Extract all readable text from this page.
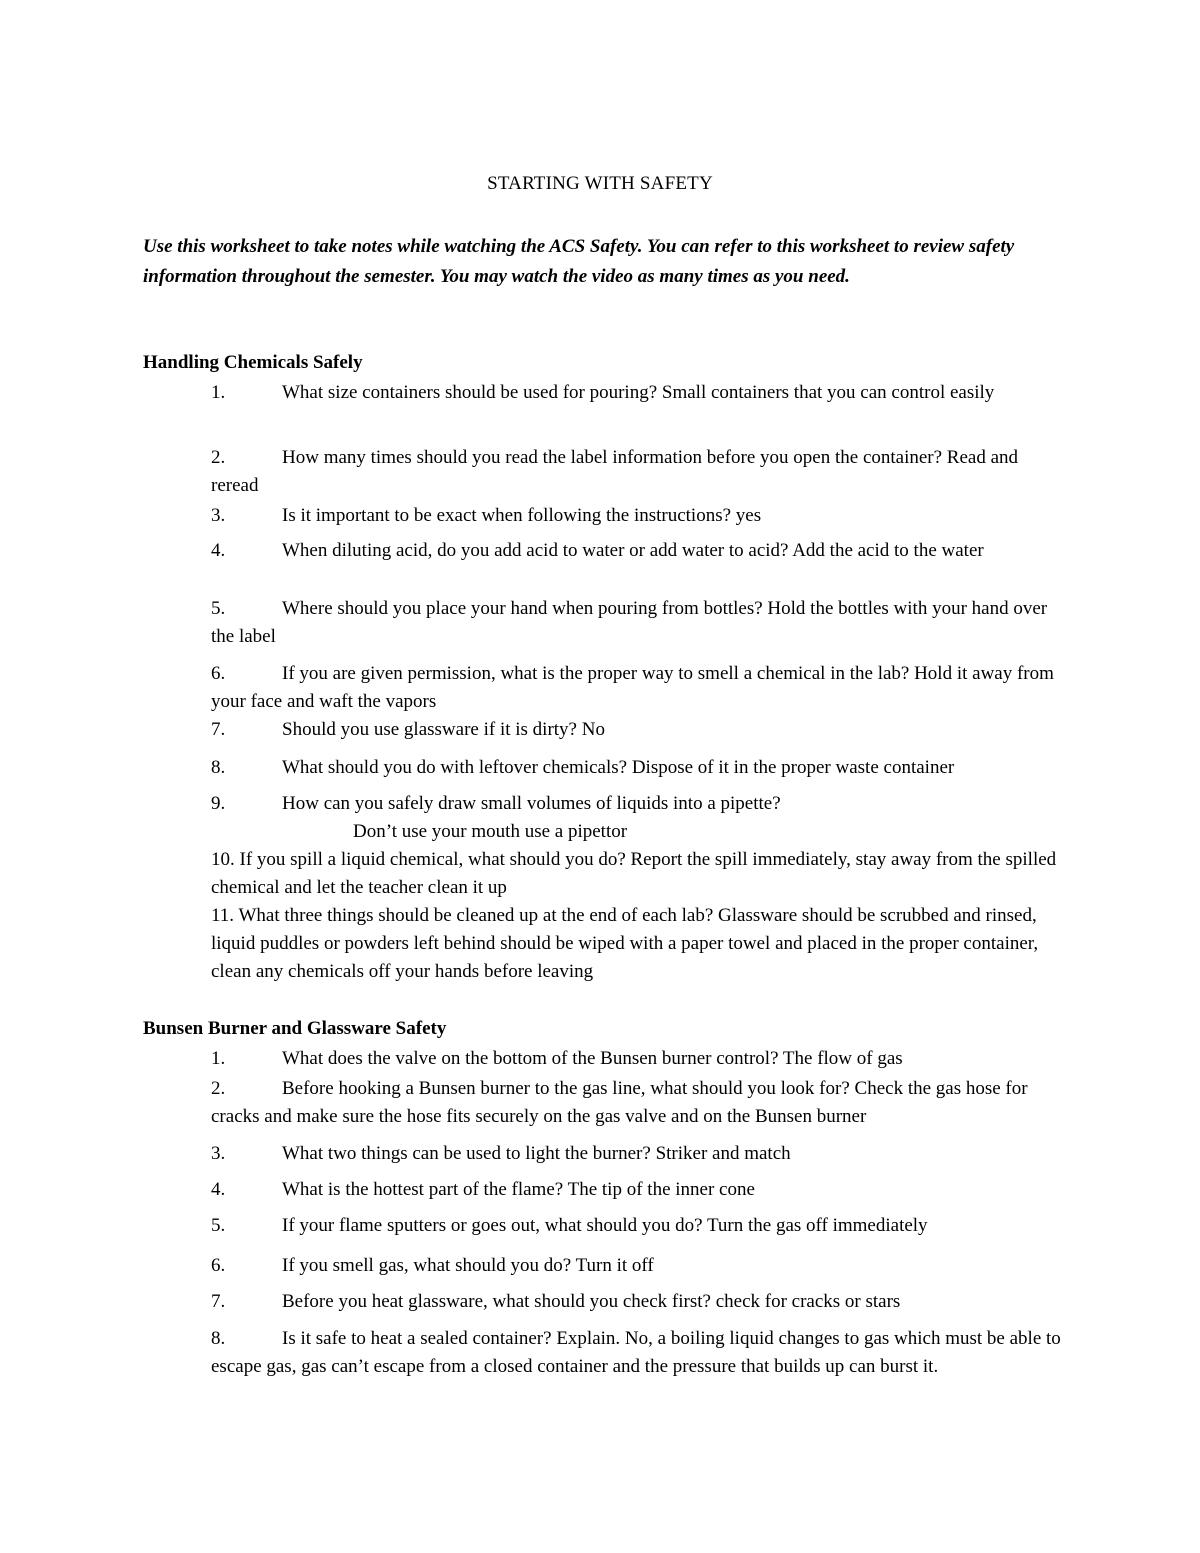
STARTING WITH SAFETY

Use this worksheet to take notes while watching the ACS Safety. You can refer to this worksheet to review safety information throughout the semester. You may watch the video as many times as you need.

Handling Chemicals Safely
1.	What size containers should be used for pouring? Small containers that you can control easily
2.	How many times should you read the label information before you open the container? Read and reread
3.	Is it important to be exact when following the instructions? yes
4.	When diluting acid, do you add acid to water or add water to acid? Add the acid to the water
5.	Where should you place your hand when pouring from bottles? Hold the bottles with your hand over the label
6.	If you are given permission, what is the proper way to smell a chemical in the lab? Hold it away from your face and waft the vapors
7.	Should you use glassware if it is dirty? No
8.	What should you do with leftover chemicals? Dispose of it in the proper waste container
9.	How can you safely draw small volumes of liquids into a pipette?
Don’t use your mouth use a pipettor
10. If you spill a liquid chemical, what should you do? Report the spill immediately, stay away from the spilled chemical and let the teacher clean it up
11. What three things should be cleaned up at the end of each lab? Glassware should be scrubbed and rinsed, liquid puddles or powders left behind should be wiped with a paper towel and placed in the proper container, clean any chemicals off your hands before leaving
Bunsen Burner and Glassware Safety
1.	What does the valve on the bottom of the Bunsen burner control? The flow of gas
2.	Before hooking a Bunsen burner to the gas line, what should you look for? Check the gas hose for cracks and make sure the hose fits securely on the gas valve and on the Bunsen burner
3.	What two things can be used to light the burner? Striker and match
4.	What is the hottest part of the flame? The tip of the inner cone
5.	If your flame sputters or goes out, what should you do? Turn the gas off immediately
6.	If you smell gas, what should you do? Turn it off
7.	Before you heat glassware, what should you check first? check for cracks or stars
8.	Is it safe to heat a sealed container? Explain. No, a boiling liquid changes to gas which must be able to escape gas, gas can’t escape from a closed container and the pressure that builds up can burst it.
